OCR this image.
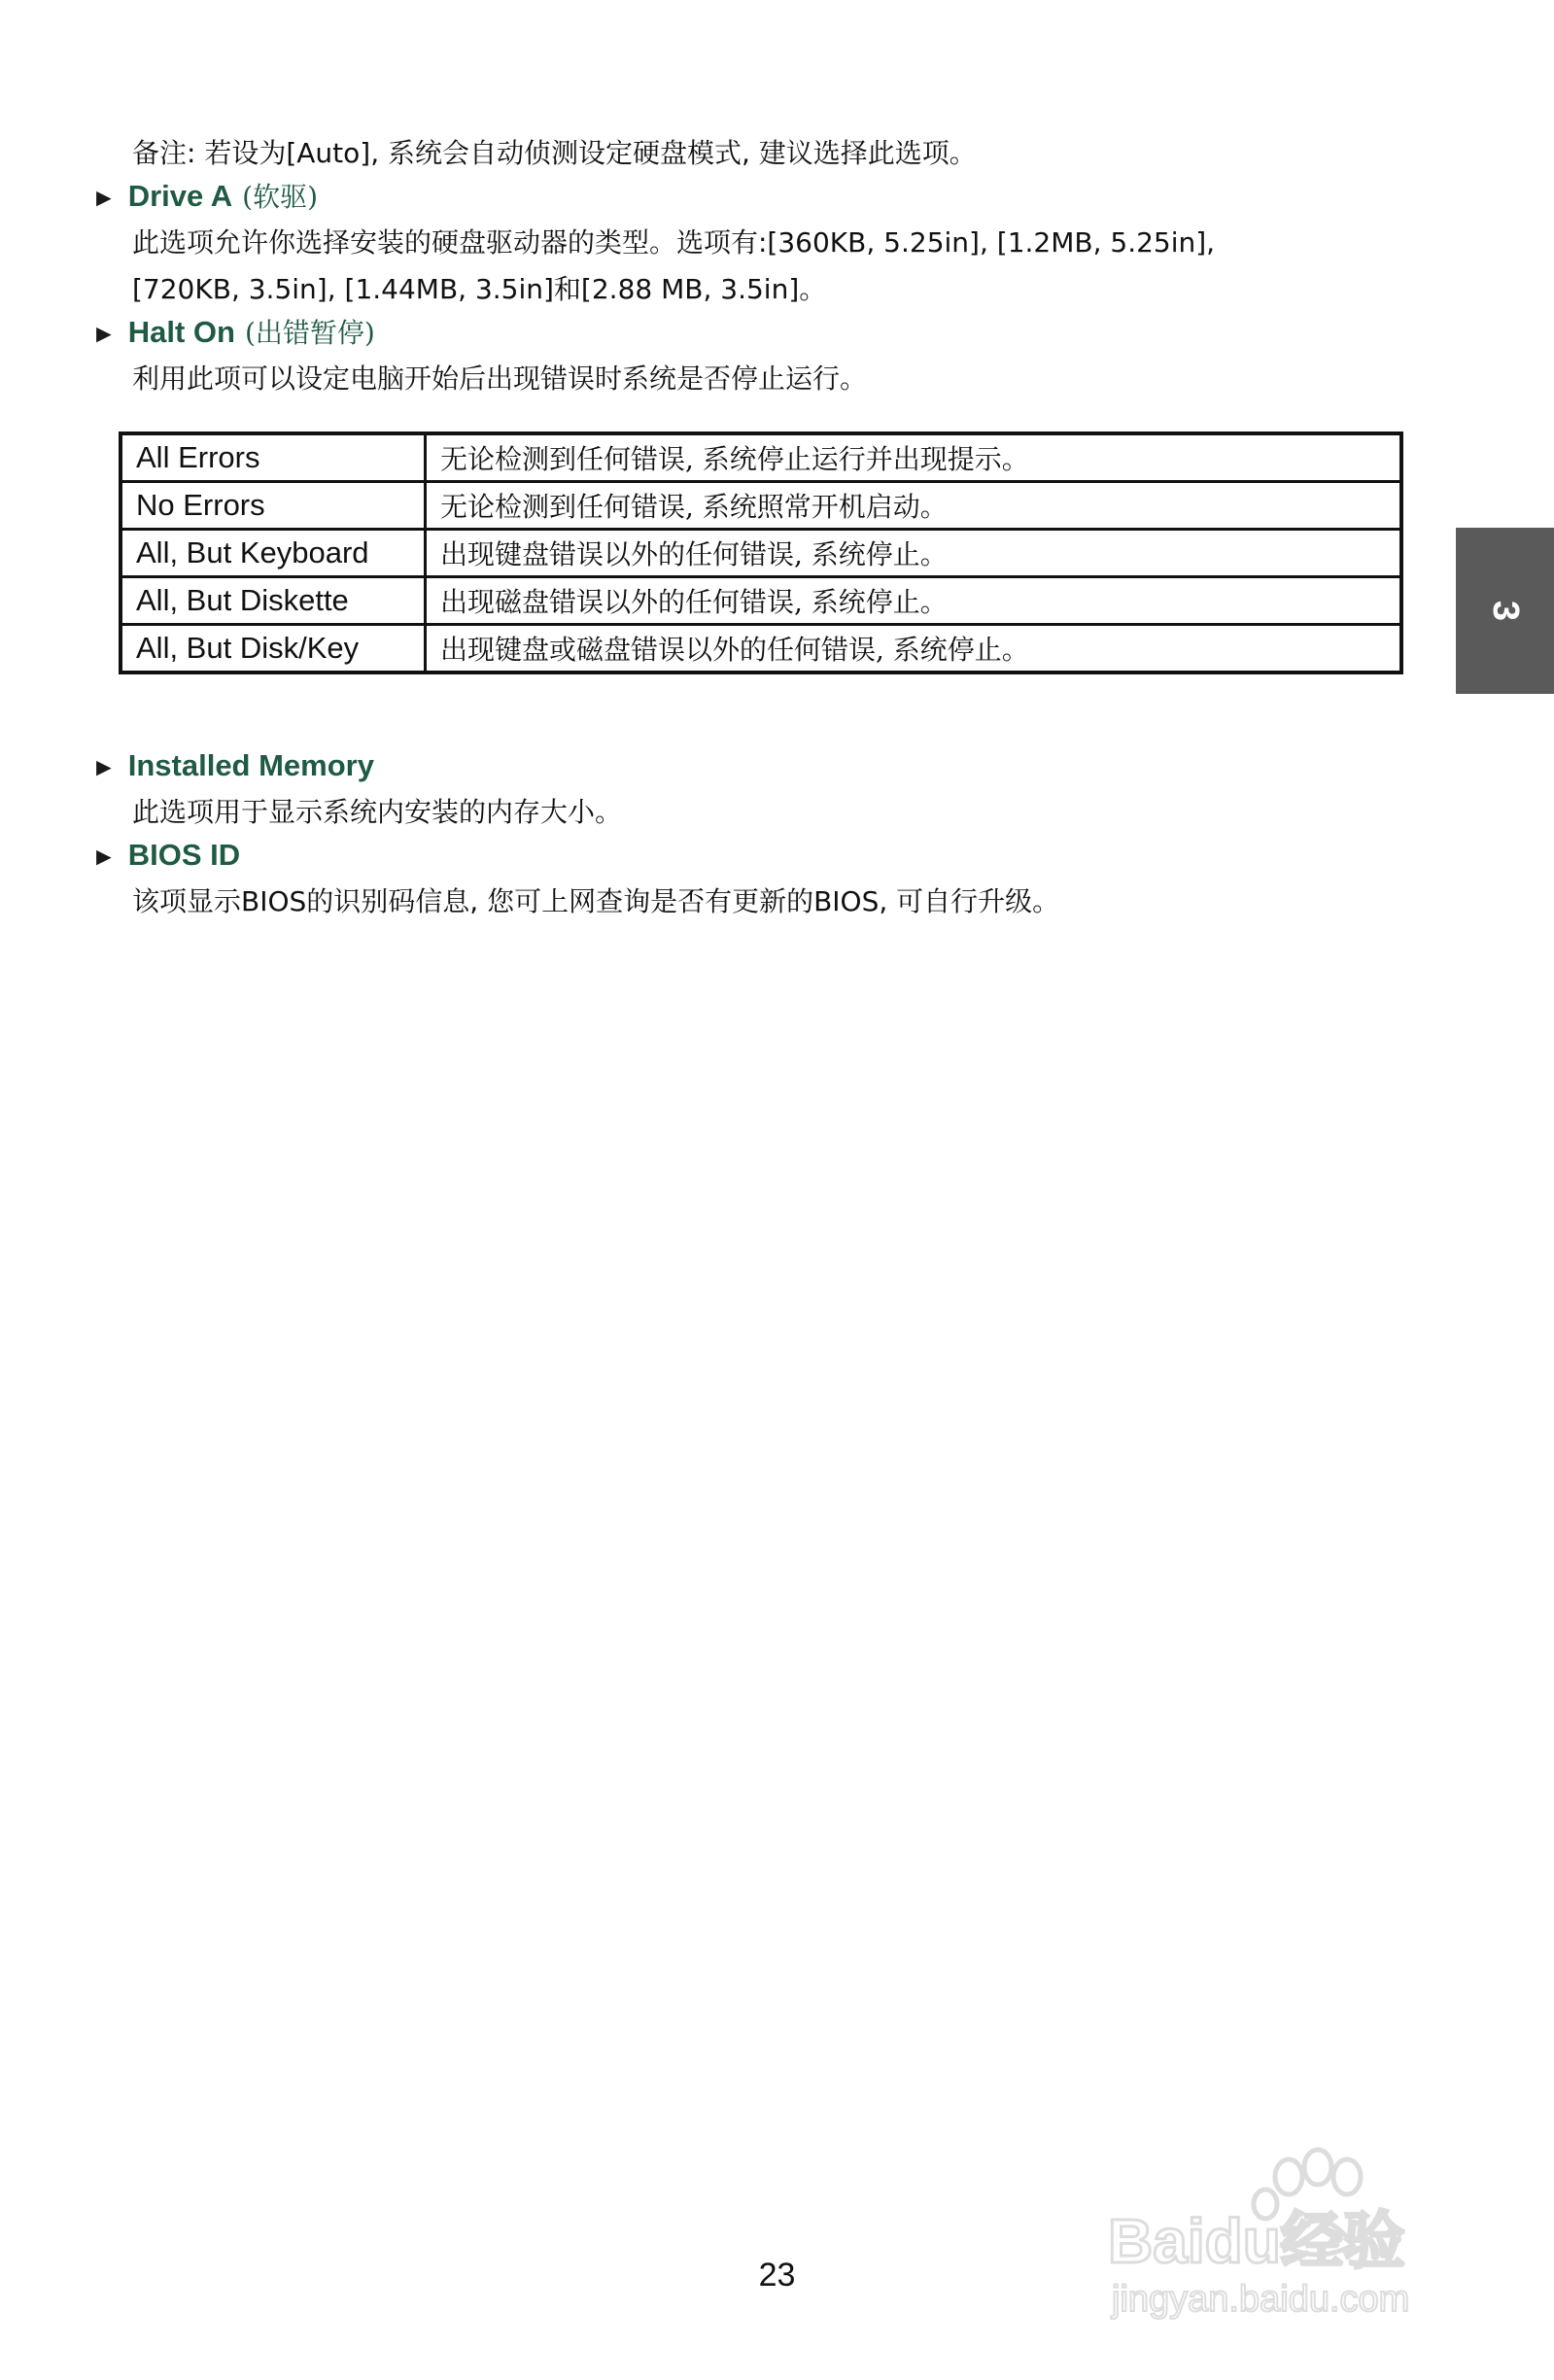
备注: 若设为[Auto], 系统会自动侦测设定硬盘模式, 建议选择此选项。
► Drive A (软驱)
此选项允许你选择安装的硬盘驱动器的类型。选项有:[360KB, 5.25in], [1.2MB, 5.25in],
[720KB, 3.5in], [1.44MB, 3.5in]和[2.88 MB, 3.5in]。
► Halt On (出错暂停)
利用此项可以设定电脑开始后出现错误时系统是否停止运行。
All Errors	无论检测到任何错误, 系统停止运行并出现提示。
No Errors	无论检测到任何错误, 系统照常开机启动。
All, But Keyboard	出现键盘错误以外的任何错误, 系统停止。
All, But Diskette	出现磁盘错误以外的任何错误, 系统停止。
All, But Disk/Key	出现键盘或磁盘错误以外的任何错误, 系统停止。
► Installed Memory
此选项用于显示系统内安装的内存大小。
► BIOS ID
该项显示BIOS的识别码信息, 您可上网查询是否有更新的BIOS, 可自行升级。
3
23	Baidu经验
jingyan.baidu.com
